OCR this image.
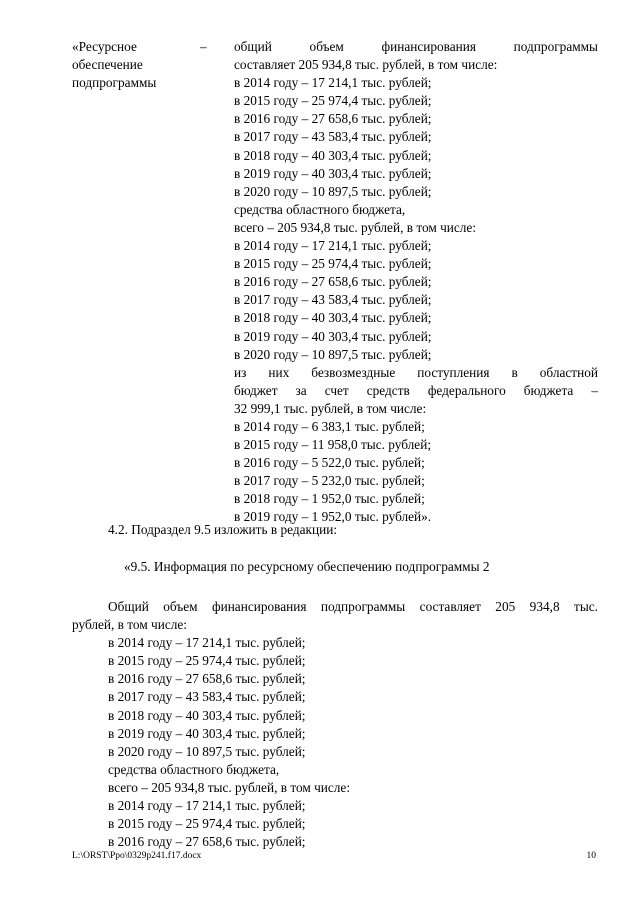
«Ресурсное
обеспечение
подпрограммы
– общий объем финансирования подпрограммы
составляет 205 934,8 тыс. рублей, в том числе:
в 2014 году – 17 214,1 тыс. рублей;
в 2015 году – 25 974,4 тыс. рублей;
в 2016 году – 27 658,6 тыс. рублей;
в 2017 году – 43 583,4 тыс. рублей;
в 2018 году – 40 303,4 тыс. рублей;
в 2019 году – 40 303,4 тыс. рублей;
в 2020 году – 10 897,5 тыс. рублей;
средства областного бюджета,
всего – 205 934,8 тыс. рублей, в том числе:
в 2014 году – 17 214,1 тыс. рублей;
в 2015 году – 25 974,4 тыс. рублей;
в 2016 году – 27 658,6 тыс. рублей;
в 2017 году – 43 583,4 тыс. рублей;
в 2018 году – 40 303,4 тыс. рублей;
в 2019 году – 40 303,4 тыс. рублей;
в 2020 году – 10 897,5 тыс. рублей;
из них безвозмездные поступления в областной
бюджет за счет средств федерального бюджета –
32 999,1 тыс. рублей, в том числе:
в 2014 году – 6 383,1 тыс. рублей;
в 2015 году – 11 958,0 тыс. рублей;
в 2016 году – 5 522,0 тыс. рублей;
в 2017 году – 5 232,0 тыс. рублей;
в 2018 году – 1 952,0 тыс. рублей;
в 2019 году – 1 952,0 тыс. рублей».
4.2. Подраздел 9.5 изложить в редакции:
«9.5. Информация по ресурсному обеспечению подпрограммы 2
Общий объем финансирования подпрограммы составляет 205 934,8 тыс.
рублей, в том числе:
в 2014 году – 17 214,1 тыс. рублей;
в 2015 году – 25 974,4 тыс. рублей;
в 2016 году – 27 658,6 тыс. рублей;
в 2017 году – 43 583,4 тыс. рублей;
в 2018 году – 40 303,4 тыс. рублей;
в 2019 году – 40 303,4 тыс. рублей;
в 2020 году – 10 897,5 тыс. рублей;
средства областного бюджета,
всего – 205 934,8 тыс. рублей, в том числе:
в 2014 году – 17 214,1 тыс. рублей;
в 2015 году – 25 974,4 тыс. рублей;
в 2016 году – 27 658,6 тыс. рублей;
L:\ORST\Ppo\0329p241.f17.docx	10
